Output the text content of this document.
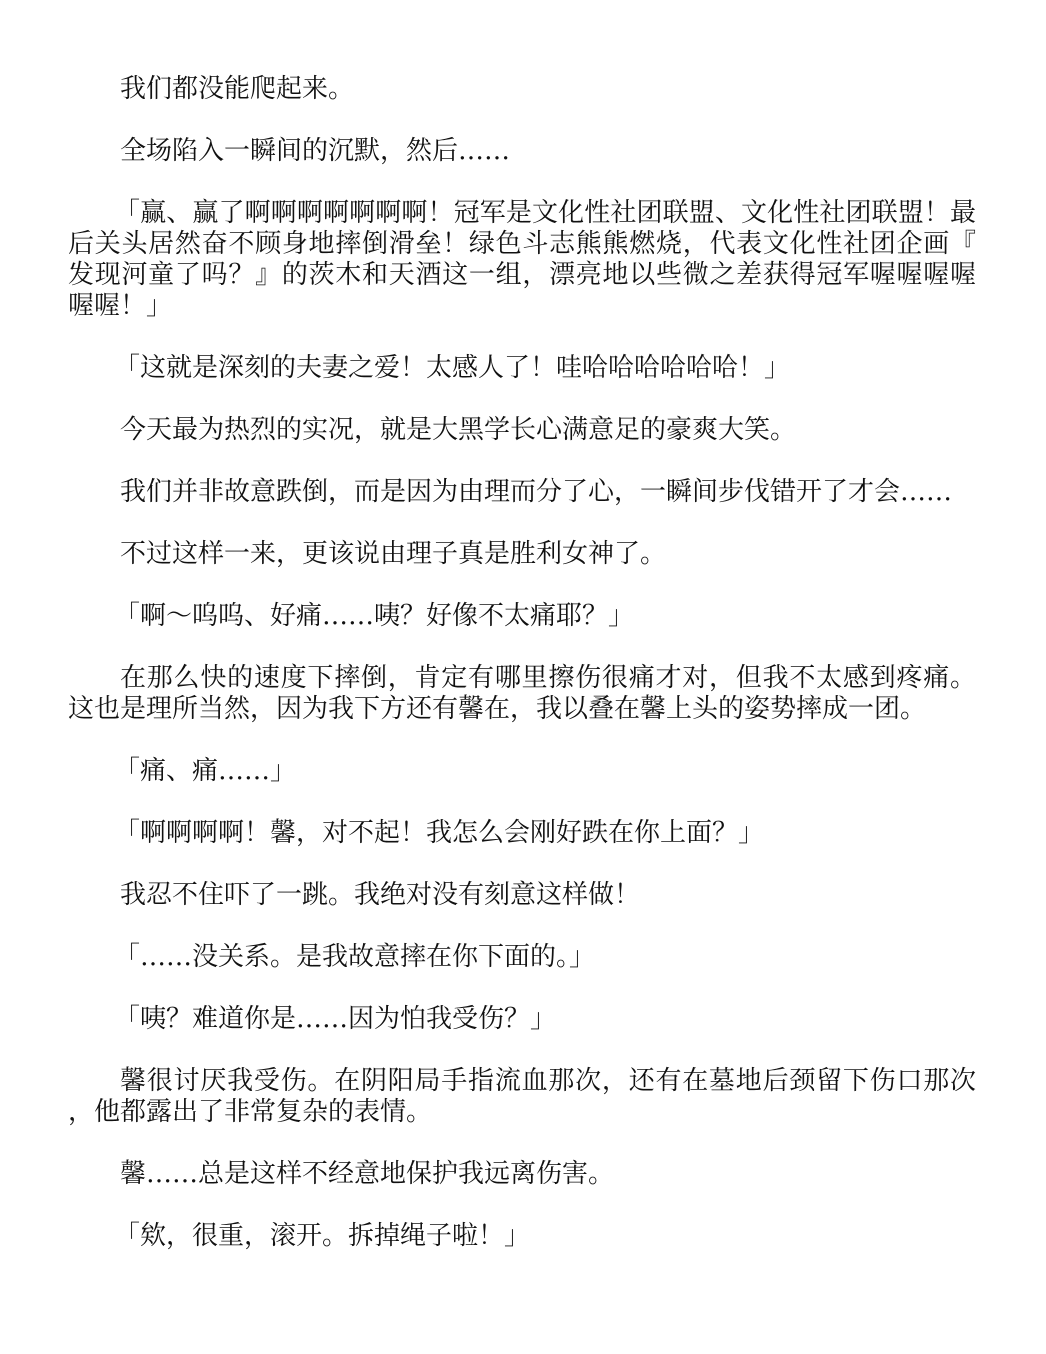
我们都没能爬起来。

全场陷入一瞬间的沉默，然后……

「赢、赢了啊啊啊啊啊啊啊！冠军是文化性社团联盟、文化性社团联盟！最后关头居然奋不顾身地摔倒滑垒！绿色斗志熊熊燃烧，代表文化性社团企画『发现河童了吗？』的茨木和天酒这一组，漂亮地以些微之差获得冠军喔喔喔喔喔喔！」

「这就是深刻的夫妻之爱！太感人了！哇哈哈哈哈哈哈！」

今天最为热烈的实况，就是大黑学长心满意足的豪爽大笑。

我们并非故意跌倒，而是因为由理而分了心，一瞬间步伐错开了才会……

不过这样一来，更该说由理子真是胜利女神了。

「啊～呜呜、好痛……咦？好像不太痛耶？」

在那么快的速度下摔倒，肯定有哪里擦伤很痛才对，但我不太感到疼痛。这也是理所当然，因为我下方还有馨在，我以叠在馨上头的姿势摔成一团。

「痛、痛……」

「啊啊啊啊！馨，对不起！我怎么会刚好跌在你上面？」

我忍不住吓了一跳。我绝对没有刻意这样做！

「……没关系。是我故意摔在你下面的。」

「咦？难道你是……因为怕我受伤？」

馨很讨厌我受伤。在阴阳局手指流血那次，还有在墓地后颈留下伤口那次，他都露出了非常复杂的表情。

馨……总是这样不经意地保护我远离伤害。

「欸，很重，滚开。拆掉绳子啦！」
